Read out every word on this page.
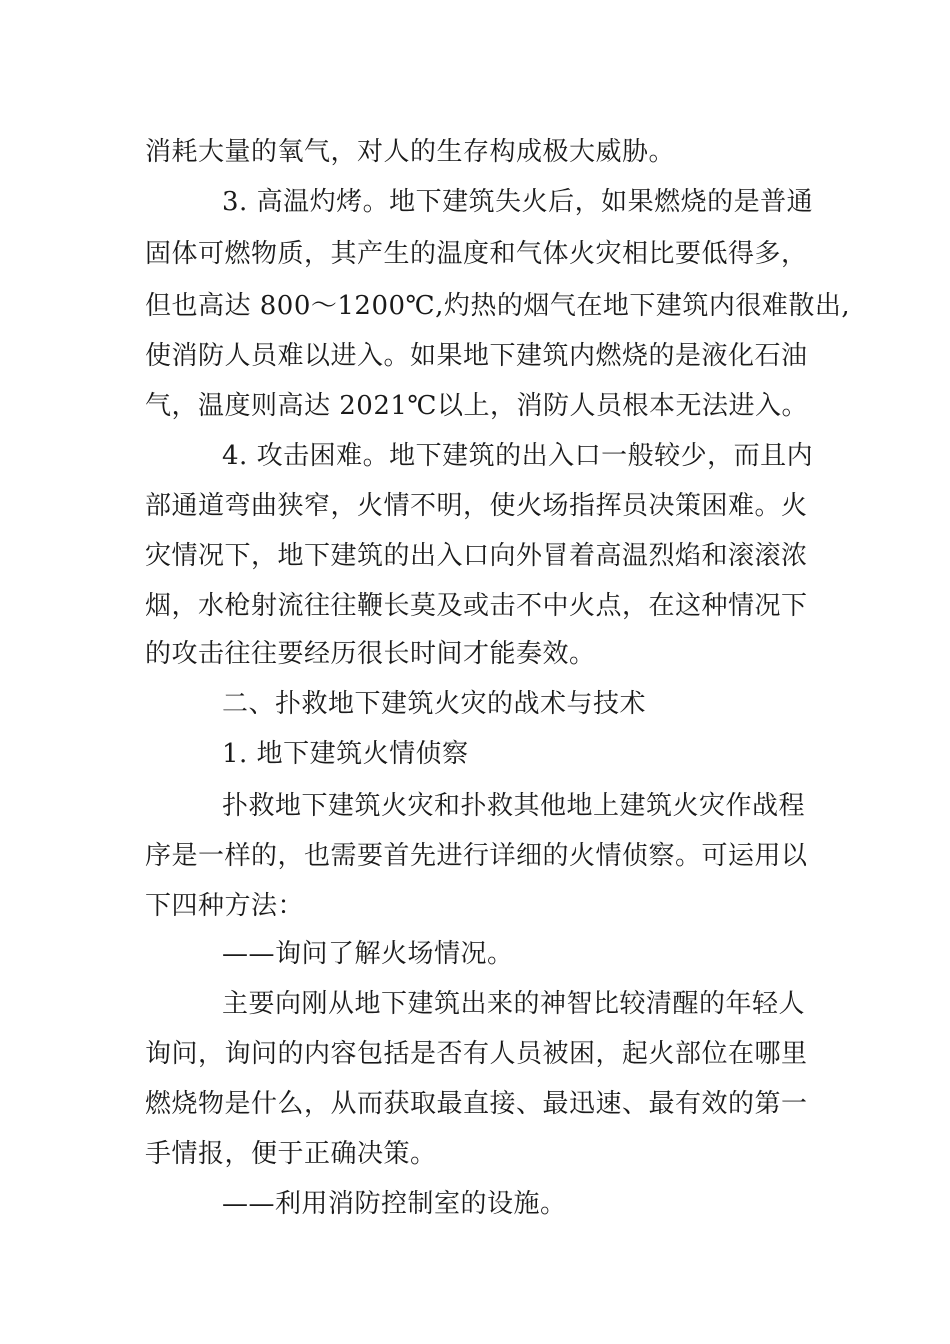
消耗大量的氧气，对人的生存构成极大威胁。
3. 高温灼烤。地下建筑失火后，如果燃烧的是普通
固体可燃物质，其产生的温度和气体火灾相比要低得多，
但也高达 800～1200℃,灼热的烟气在地下建筑内很难散出,
使消防人员难以进入。如果地下建筑内燃烧的是液化石油
气，温度则高达 2021℃以上，消防人员根本无法进入。
4. 攻击困难。地下建筑的出入口一般较少，而且内
部通道弯曲狭窄，火情不明，使火场指挥员决策困难。火
灾情况下，地下建筑的出入口向外冒着高温烈焰和滚滚浓
烟，水枪射流往往鞭长莫及或击不中火点，在这种情况下
的攻击往往要经历很长时间才能奏效。
二、扑救地下建筑火灾的战术与技术
1. 地下建筑火情侦察
扑救地下建筑火灾和扑救其他地上建筑火灾作战程
序是一样的，也需要首先进行详细的火情侦察。可运用以
下四种方法：
——询问了解火场情况。
主要向刚从地下建筑出来的神智比较清醒的年轻人
询问，询问的内容包括是否有人员被困，起火部位在哪里
燃烧物是什么，从而获取最直接、最迅速、最有效的第一
手情报，便于正确决策。
——利用消防控制室的设施。
